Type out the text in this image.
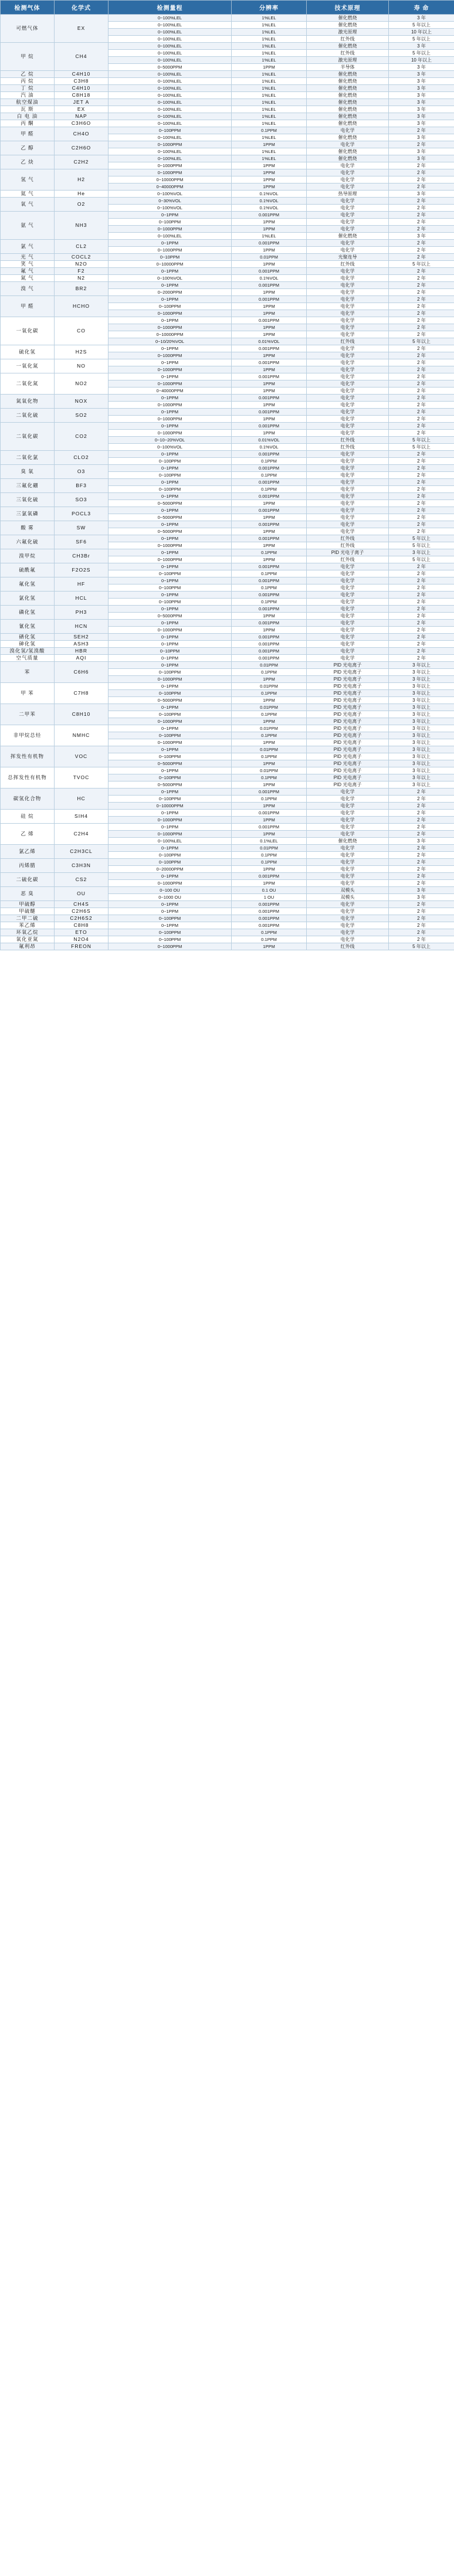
检测气体	化学式	检测量程	分辨率	技术原理	寿 命
可燃气体	EX	0~100%LEL	1%LEL	催化燃烧	3 年
		0~100%LEL	1%LEL	催化燃烧	5 年以上
		0~100%LEL	1%LEL	激光原理	10 年以上
		0~100%LEL	1%LEL	红外线	5 年以上
甲 烷	CH4	0~100%LEL	1%LEL	催化燃烧	3 年
		0~100%LEL	1%LEL	红外线	5 年以上
		0~100%LEL	1%LEL	激光原理	10 年以上
		0~5000PPM	1PPM	半导体	3 年
乙 烷	C4H10	0~100%LEL	1%LEL	催化燃烧	3 年
丙 烷	C3H8	0~100%LEL	1%LEL	催化燃烧	3 年
丁 烷	C4H10	0~100%LEL	1%LEL	催化燃烧	3 年
汽 油	C8H18	0~100%LEL	1%LEL	催化燃烧	3 年
航空煤油	JET A	0~100%LEL	1%LEL	催化燃烧	3 年
瓦 斯	EX	0~100%LEL	1%LEL	催化燃烧	3 年
白 电 油	NAP	0~100%LEL	1%LEL	催化燃烧	3 年
丙 酮	C3H6O	0~100%LEL	1%LEL	催化燃烧	3 年
甲 醛	CH4O	0~100PPM	0.1PPM	电化学	2 年
		0~100%LEL	1%LEL	催化燃烧	3 年
乙 醇	C2H6O	0~1000PPM	1PPM	电化学	2 年
		0~100%LEL	1%LEL	催化燃烧	3 年
乙 炔	C2H2	0~100%LEL	1%LEL	催化燃烧	3 年
		0~1000PPM	1PPM	电化学	2 年
氢 气	H2	0~1000PPM	1PPM	电化学	2 年
		0~10000PPM	1PPM	电化学	2 年
		0~40000PPM	1PPM	电化学	2 年
氦 气	He	0~100%VOL	0.1%VOL	热导原理	3 年
氧 气	O2	0~30%VOL	0.1%VOL	电化学	2 年
		0~100%VOL	0.1%VOL	电化学	2 年
氨 气	NH3	0~1PPM	0.001PPM	电化学	2 年
		0~100PPM	1PPM	电化学	2 年
		0~1000PPM	1PPM	电化学	2 年
		0~100%LEL	1%LEL	催化燃烧	3 年
氯 气	CL2	0~1PPM	0.001PPM	电化学	2 年
		0~1000PPM	1PPM	电化学	2 年
光 气	COCL2	0~10PPM	0.01PPM	光聚连导	2 年
笑 气	N2O	0~10000PPM	1PPM	红外线	5 年以上
氟 气	F2	0~1PPM	0.001PPM	电化学	2 年
氮 气	N2	0~100%VOL	0.1%VOL	电化学	2 年
溴 气	BR2	0~1PPM	0.001PPM	电化学	2 年
		0~2000PPM	1PPM	电化学	2 年
甲 醛	HCHO	0~1PPM	0.001PPM	电化学	2 年
		0~100PPM	1PPM	电化学	2 年
		0~1000PPM	1PPM	电化学	2 年
一氧化碳	CO	0~1PPM	0.001PPM	电化学	2 年
		0~1000PPM	1PPM	电化学	2 年
		0~10000PPM	1PPM	电化学	2 年
		0~10/20%VOL	0.01%VOL	红外线	5 年以上
硫化氢	H2S	0~1PPM	0.001PPM	电化学	2 年
		0~1000PPM	1PPM	电化学	2 年
一氧化氮	NO	0~1PPM	0.001PPM	电化学	2 年
		0~1000PPM	1PPM	电化学	2 年
二氧化氮	NO2	0~1PPM	0.001PPM	电化学	2 年
		0~1000PPM	1PPM	电化学	2 年
		0~40000PPM	1PPM	电化学	2 年
氮氧化物	NOX	0~1PPM	0.001PPM	电化学	2 年
		0~1000PPM	1PPM	电化学	2 年
二氧化硫	SO2	0~1PPM	0.001PPM	电化学	2 年
		0~1000PPM	1PPM	电化学	2 年
二氧化碳	CO2	0~1PPM	0.001PPM	电化学	2 年
		0~1000PPM	1PPM	电化学	2 年
		0~10~20%VOL	0.01%VOL	红外线	5 年以上
		0~100%VOL	0.1%VOL	红外线	5 年以上
二氧化氯	CLO2	0~1PPM	0.001PPM	电化学	2 年
		0~100PPM	0.1PPM	电化学	2 年
臭 氧	O3	0~1PPM	0.001PPM	电化学	2 年
		0~100PPM	0.1PPM	电化学	2 年
三氟化硼	BF3	0~1PPM	0.001PPM	电化学	2 年
		0~100PPM	0.1PPM	电化学	2 年
三氧化硫	SO3	0~1PPM	0.001PPM	电化学	2 年
		0~5000PPM	1PPM	电化学	2 年
三氯氧磷	POCL3	0~1PPM	0.001PPM	电化学	2 年
		0~5000PPM	1PPM	电化学	2 年
酸 雾	SW	0~1PPM	0.001PPM	电化学	2 年
		0~5000PPM	1PPM	电化学	2 年
六氟化硫	SF6	0~1PPM	0.001PPM	红外线	5 年以上
		0~1000PPM	1PPM	红外线	5 年以上
溴甲烷	CH3Br	0~1PPM	0.1PPM	PID 光电子离子	3 年以上
		0~1000PPM	1PPM	红外线	5 年以上
硫酰氟	F2O2S	0~1PPM	0.001PPM	电化学	2 年
		0~100PPM	0.1PPM	电化学	2 年
氟化氢	HF	0~1PPM	0.001PPM	电化学	2 年
		0~100PPM	0.1PPM	电化学	2 年
氯化氢	HCL	0~1PPM	0.001PPM	电化学	2 年
		0~100PPM	0.1PPM	电化学	2 年
磷化氢	PH3	0~1PPM	0.001PPM	电化学	2 年
		0~5000PPM	1PPM	电化学	2 年
氰化氢	HCN	0~1PPM	0.001PPM	电化学	2 年
		0~1000PPM	1PPM	电化学	2 年
硒化氢	SEH2	0~1PPM	0.001PPM	电化学	2 年
砷化氢	ASH3	0~1PPM	0.001PPM	电化学	2 年
溴化氢/氢溴酸	HBR	0~10PPM	0.001PPM	电化学	2 年
空气质量	AQI	0~1PPM	0.001PPM	电化学	2 年
苯	C6H6	0~1PPM	0.01PPM	PID 光电离子	3 年以上
		0~100PPM	0.1PPM	PID 光电离子	3 年以上
		0~1000PPM	1PPM	PID 光电离子	3 年以上
甲 苯	C7H8	0~1PPM	0.01PPM	PID 光电离子	3 年以上
		0~100PPM	0.1PPM	PID 光电离子	3 年以上
		0~5000PPM	1PPM	PID 光电离子	3 年以上
二甲苯	C8H10	0~1PPM	0.01PPM	PID 光电离子	3 年以上
		0~100PPM	0.1PPM	PID 光电离子	3 年以上
		0~1000PPM	1PPM	PID 光电离子	3 年以上
非甲烷总烃	NMHC	0~1PPM	0.01PPM	PID 光电离子	3 年以上
		0~100PPM	0.1PPM	PID 光电离子	3 年以上
		0~1000PPM	1PPM	PID 光电离子	3 年以上
挥发性有机物	VOC	0~1PPM	0.01PPM	PID 光电离子	3 年以上
		0~100PPM	0.1PPM	PID 光电离子	3 年以上
		0~5000PPM	1PPM	PID 光电离子	3 年以上
总挥发性有机物	TVOC	0~1PPM	0.01PPM	PID 光电离子	3 年以上
		0~100PPM	0.1PPM	PID 光电离子	3 年以上
		0~5000PPM	1PPM	PID 光电离子	3 年以上
碳氢化合物	HC	0~1PPM	0.001PPM	电化学	2 年
		0~100PPM	0.1PPM	电化学	2 年
		0~10000PPM	1PPM	电化学	2 年
硅 烷	SIH4	0~1PPM	0.001PPM	电化学	2 年
		0~1000PPM	1PPM	电化学	2 年
乙 烯	C2H4	0~1PPM	0.001PPM	电化学	2 年
		0~1000PPM	1PPM	电化学	2 年
		0~100%LEL	0.1%LEL	催化燃烧	3 年
氯乙烯	C2H3CL	0~1PPM	0.01PPM	电化学	2 年
		0~100PPM	0.1PPM	电化学	2 年
丙烯腈	C3H3N	0~100PPM	0.1PPM	电化学	2 年
		0~20000PPM	1PPM	电化学	2 年
二硫化碳	CS2	0~1PPM	0.001PPM	电化学	2 年
		0~1000PPM	1PPM	电化学	2 年
恶 臭	OU	0~100 OU	0.1 OU	双模头	3 年
		0~1000 OU	1 OU	双模头	3 年
甲硫醇	CH4S	0~1PPM	0.001PPM	电化学	2 年
甲硫醚	C2H6S	0~1PPM	0.001PPM	电化学	2 年
二甲二硫	C2H6S2	0~100PPM	0.001PPM	电化学	2 年
苯乙烯	C8H8	0~1PPM	0.001PPM	电化学	2 年
环氧乙烷	ETO	0~100PPM	0.1PPM	电化学	2 年
氧化亚氮	N2O4	0~100PPM	0.1PPM	电化学	2 年
氟利昂	FREON	0~1000PPM	1PPM	红外线	5 年以上
